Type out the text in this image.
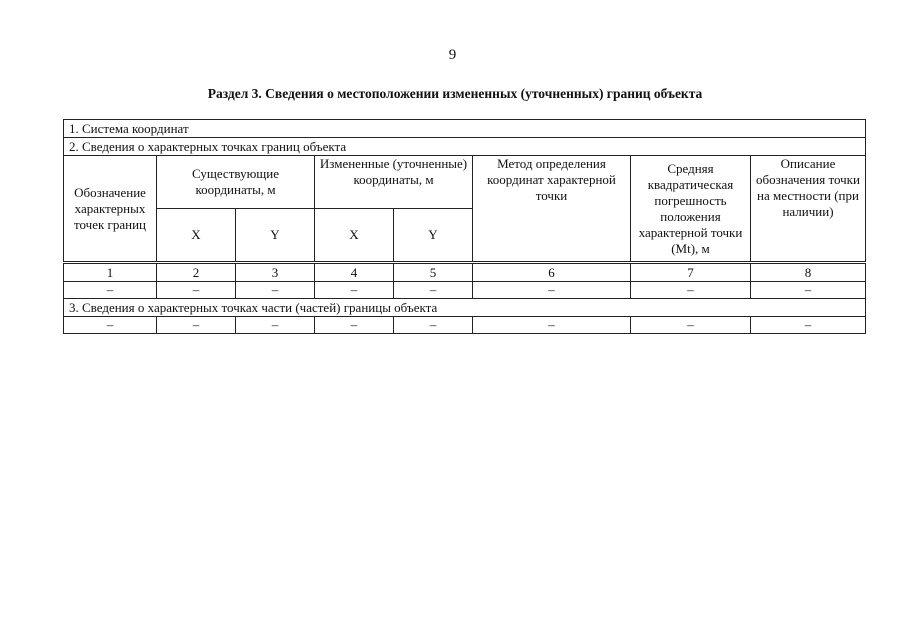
9
Раздел 3. Сведения о местоположении измененных (уточненных) границ объекта
1. Система координат							
2. Сведения о характерных точках границ объекта							
Обозначение характерных точек границ	Существующие координаты, м		Измененные (уточненные) координаты, м		Метод определения координат характерной точки	Средняя квадратическая погрешность положения характерной точки (Mt), м	Описание обозначения точки на местности (при наличии)
	X	Y	X	Y			
1	2	3	4	5	6	7	8
–	–	–	–	–	–	–	–
3. Сведения о характерных точках части (частей) границы объекта							
–	–	–	–	–	–	–	–
